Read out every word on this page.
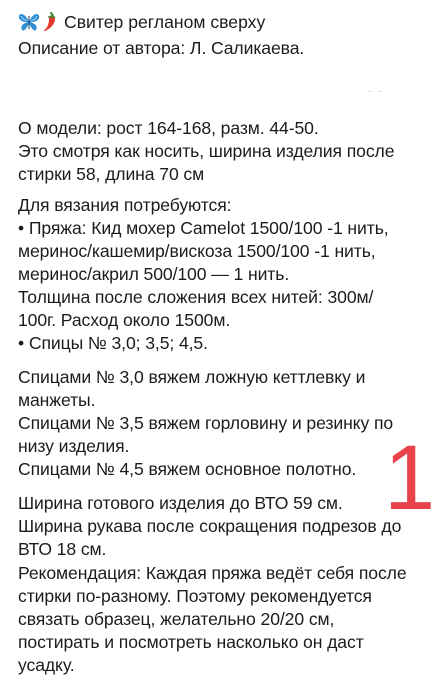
Свитер регланом сверху
Описание от автора: Л. Саликаева.
· ·
О модели: рост 164-168, разм. 44-50.
Это смотря как носить, ширина изделия после
стирки 58, длина 70 см
Для вязания потребуются:
• Пряжа: Кид мохер Camelot 1500/100 -1 нить,
меринос/кашемир/вискоза 1500/100 -1 нить,
меринос/акрил 500/100 — 1 нить.
Толщина после сложения всех нитей: 300м/
100г. Расход около 1500м.
• Спицы № 3,0; 3,5; 4,5.
Спицами № 3,0 вяжем ложную кеттлевку и
манжеты.
Спицами № 3,5 вяжем горловину и резинку по
низу изделия.
Спицами № 4,5 вяжем основное полотно. 1
Ширина готового изделия до ВТО 59 см.
Ширина рукава после сокращения подрезов до
ВТО 18 см.
Рекомендация: Каждая пряжа ведёт себя после
стирки по-разному. Поэтому рекомендуется
связать образец, желательно 20/20 см,
постирать и посмотреть насколько он даст
усадку.
